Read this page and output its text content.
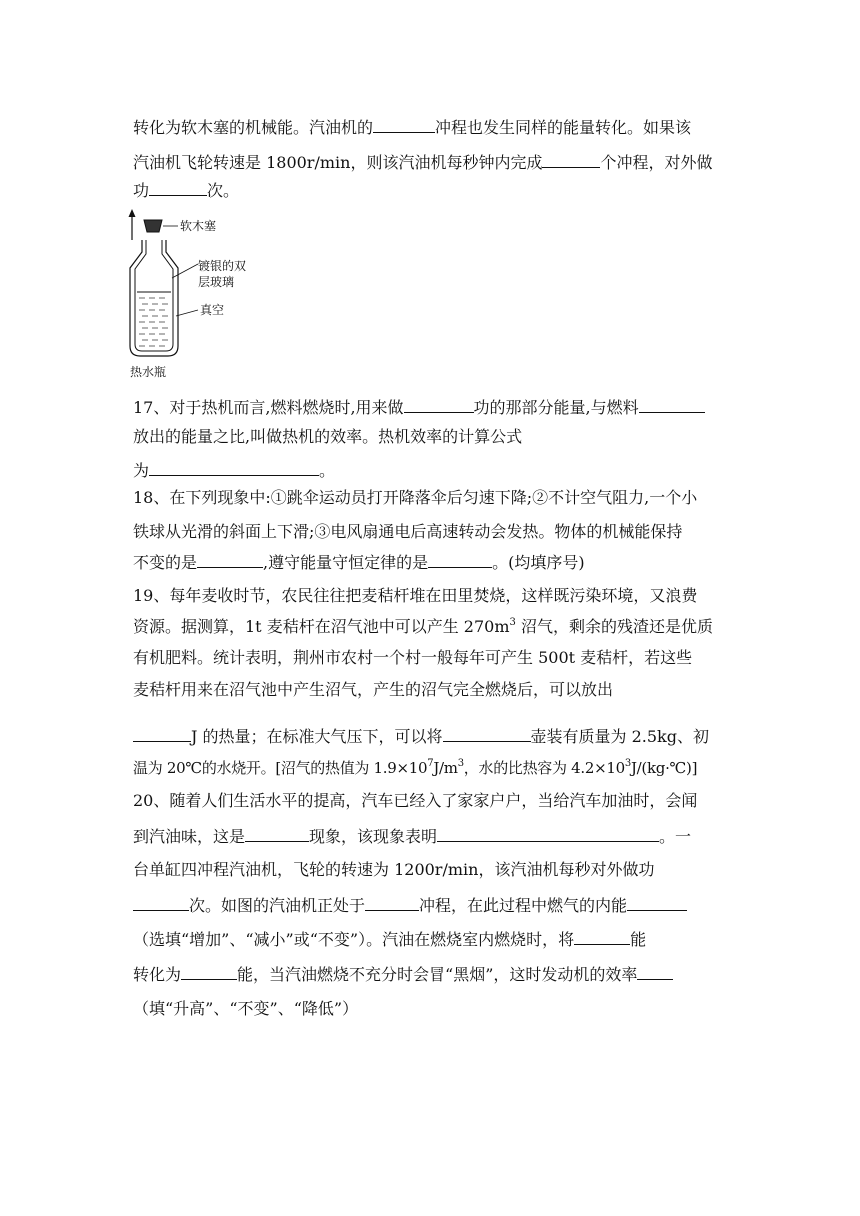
转化为软木塞的机械能。汽油机的	冲程也发生同样的能量转化。如果该
汽油机飞轮转速是 1800r/min，则该汽油机每秒钟内完成	个冲程，对外做
功	次。
软木塞
镀银的双
层玻璃
真空
热水瓶
17、对于热机而言,燃料燃烧时,用来做	功的那部分能量,与燃料
放出的能量之比,叫做热机的效率。热机效率的计算公式
为	。
18、在下列现象中:①跳伞运动员打开降落伞后匀速下降;②不计空气阻力,一个小
铁球从光滑的斜面上下滑;③电风扇通电后高速转动会发热。物体的机械能保持
不变的是	,遵守能量守恒定律的是	。(均填序号)
19、每年麦收时节，农民往往把麦秸杆堆在田里焚烧，这样既污染环境，又浪费
资源。据测算，1t 麦秸杆在沼气池中可以产生 $270m^3$ 沼气，剩余的残渣还是优质
有机肥料。统计表明，荆州市农村一个村一般每年可产生 500t 麦秸杆，若这些
麦秸杆用来在沼气池中产生沼气，产生的沼气完全燃烧后，可以放出
J 的热量；在标准大气压下，可以将	壶装有质量为 2.5kg、初
温为 20℃的水烧开。[沼气的热值为 $1.9\times 10^7J/m^3$，水的比热容为 $4.2\times 10^3J/(kg\cdot℃)$]
20、随着人们生活水平的提高，汽车已经入了家家户户，当给汽车加油时，会闻
到汽油味，这是	现象，该现象表明	。一
台单缸四冲程汽油机，飞轮的转速为 1200r/min，该汽油机每秒对外做功
次。如图的汽油机正处于	冲程，在此过程中燃气的内能
（选填“增加”、“减小”或“不变”）。汽油在燃烧室内燃烧时，将	能
转化为	能，当汽油燃烧不充分时会冒“黑烟”，这时发动机的效率
（填“升高”、“不变”、“降低”）
